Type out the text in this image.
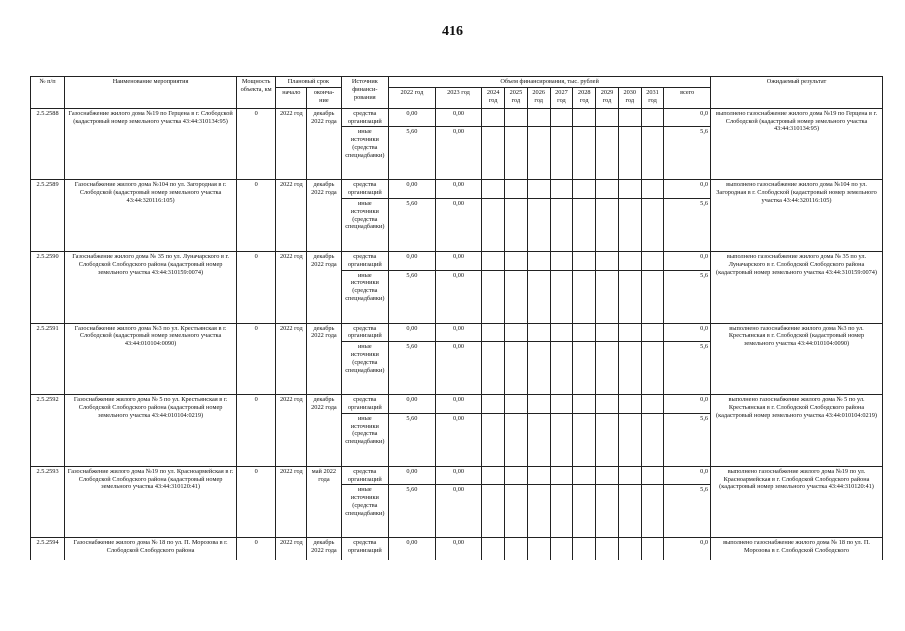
416
№ п/п	Наименование мероприятия	Мощность объекта, км	Плановый срок		Источник финанси-рования	Объем финансирования, тыс. рублей											Ожидаемый результат
			начало	оконча-ние		2022 год	2023 год	2024 год	2025 год	2026 год	2027 год	2028 год	2029 год	2030 год	2031 год	всего	

2.5.2588	Газоснабжение жилого дома №19 по Герцена в г. Слободской (кадастровый номер земельного участка 43:44:310134:95)	0	2022 год	декабрь 2022 года	средства организаций	0,00	0,00									0,0	выполнено газоснабжение жилого дома №19 по Герцена в г. Слободской (кадастровый номер земельного участка 43:44:310134:95)
					иные источники (средства спецнадбавки)	5,60	0,00									5,6	
2.5.2589	Газоснабжение жилого дома №104 по ул. Загородная в г. Слободской (кадастровый номер земельного участка 43:44:320116:105)	0	2022 год	декабрь 2022 года	средства организаций	0,00	0,00									0,0	выполнено газоснабжение жилого дома №104 по ул. Загородная в г. Слободской (кадастровый номер земельного участка 43:44:320116:105)
					иные источники (средства спецнадбавки)	5,60	0,00									5,6	
2.5.2590	Газоснабжение жилого дома № 35 по ул. Луначарского в г. Слободской Слободского района (кадастровый номер земельного участка 43:44:310159:0074)	0	2022 год	декабрь 2022 года	средства организаций	0,00	0,00									0,0	выполнено газоснабжение жилого дома № 35 по ул. Луначарского в г. Слободской Слободского района (кадастровый номер земельного участка 43:44:310159:0074)
					иные источники (средства спецнадбавки)	5,60	0,00									5,6	
2.5.2591	Газоснабжение жилого дома №3 по ул. Крестьянская в г. Слободской (кадастровый номер земельного участка 43:44:010104:0090)	0	2022 год	декабрь 2022 года	средства организаций	0,00	0,00									0,0	выполнено газоснабжение жилого дома №3 по ул. Крестьянская в г. Слободской (кадастровый номер земельного участка 43:44:010104:0090)
					иные источники (средства спецнадбавки)	5,60	0,00									5,6	
2.5.2592	Газоснабжение жилого дома № 5 по ул. Крестьянская в г. Слободской Слободского района (кадастровый номер земельного участка 43:44:010104:0219)	0	2022 год	декабрь 2022 года	средства организаций	0,00	0,00									0,0	выполнено газоснабжение жилого дома № 5 по ул. Крестьянская в г. Слободской Слободского района (кадастровый номер земельного участка 43:44:010104:0219)
					иные источники (средства спецнадбавки)	5,60	0,00									5,6	
2.5.2593	Газоснабжение жилого дома №19 по ул. Красноармейская в г. Слободской Слободского района (кадастровый номер земельного участка 43:44:310120:41)	0	2022 год	май 2022 года	средства организаций	0,00	0,00									0,0	выполнено газоснабжение жилого дома №19 по ул. Красноармейская в г. Слободской Слободского района (кадастровый номер земельного участка 43:44:310120:41)
					иные источники (средства спецнадбавки)	5,60	0,00									5,6	
2.5.2594	Газоснабжение жилого дома № 18 по ул. П. Морозова в г. Слободской Слободского района	0	2022 год	декабрь 2022 года	средства организаций	0,00	0,00									0,0	выполнено газоснабжение жилого дома № 18 по ул. П. Морозова в г. Слободской Слободского
